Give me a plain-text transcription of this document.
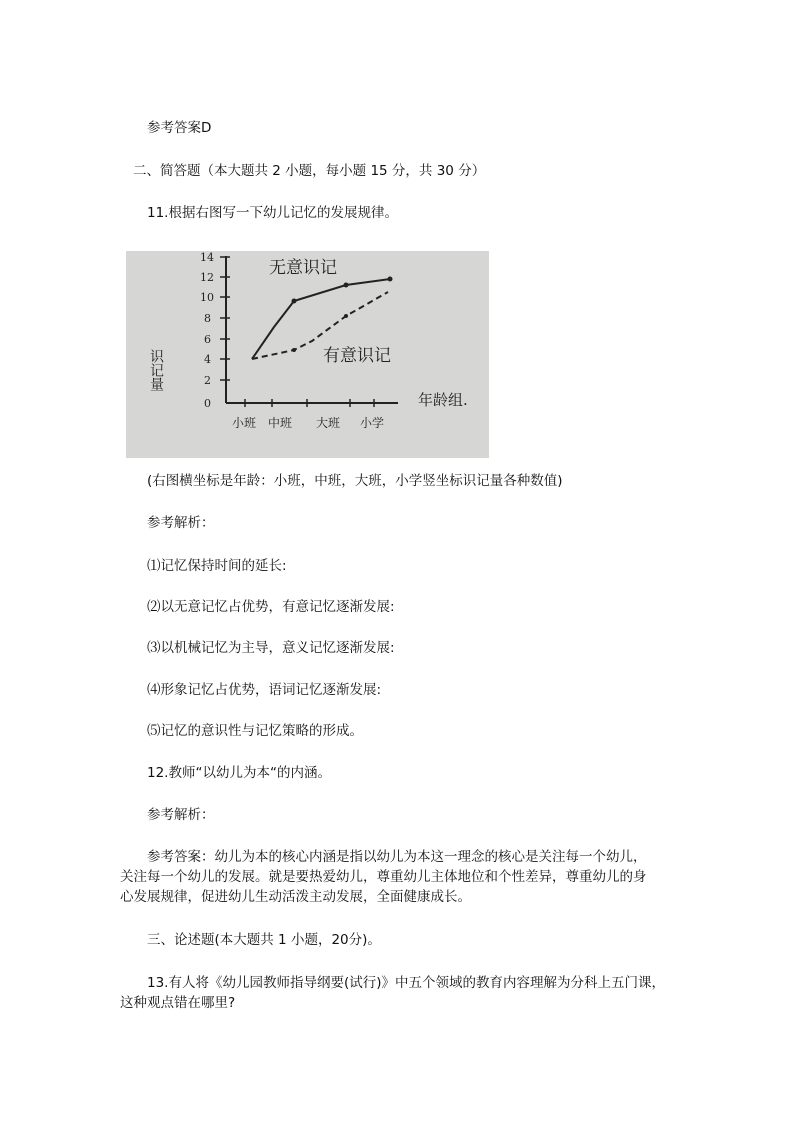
参考答案D
二、简答题（本大题共 2 小题，每小题 15 分，共 30 分）
11.根据右图写一下幼儿记忆的发展规律。
0
2
4
6
8
10
12
14
小班 中班 大班 小学
无意识记
有意识记
识记量
年龄组.
(右图横坐标是年龄：小班，中班，大班，小学竖坐标识记量各种数值)
参考解析：
⑴记忆保持时间的延长:
⑵以无意记忆占优势，有意记忆逐渐发展:
⑶以机械记忆为主导，意义记忆逐渐发展:
⑷形象记忆占优势，语词记忆逐渐发展:
⑸记忆的意识性与记忆策略的形成。
12.教师“以幼儿为本“的内涵。
参考解析：
参考答案：幼儿为本的核心内涵是指以幼儿为本这一理念的核心是关注每一个幼儿，
关注每一个幼儿的发展。就是要热爱幼儿，尊重幼儿主体地位和个性差异，尊重幼儿的身
心发展规律，促进幼儿生动活泼主动发展，全面健康成长。
三、论述题(本大题共 1 小题，20分)。
13.有人将《幼儿园教师指导纲要(试行)》中五个领域的教育内容理解为分科上五门课，
这种观点错在哪里?
